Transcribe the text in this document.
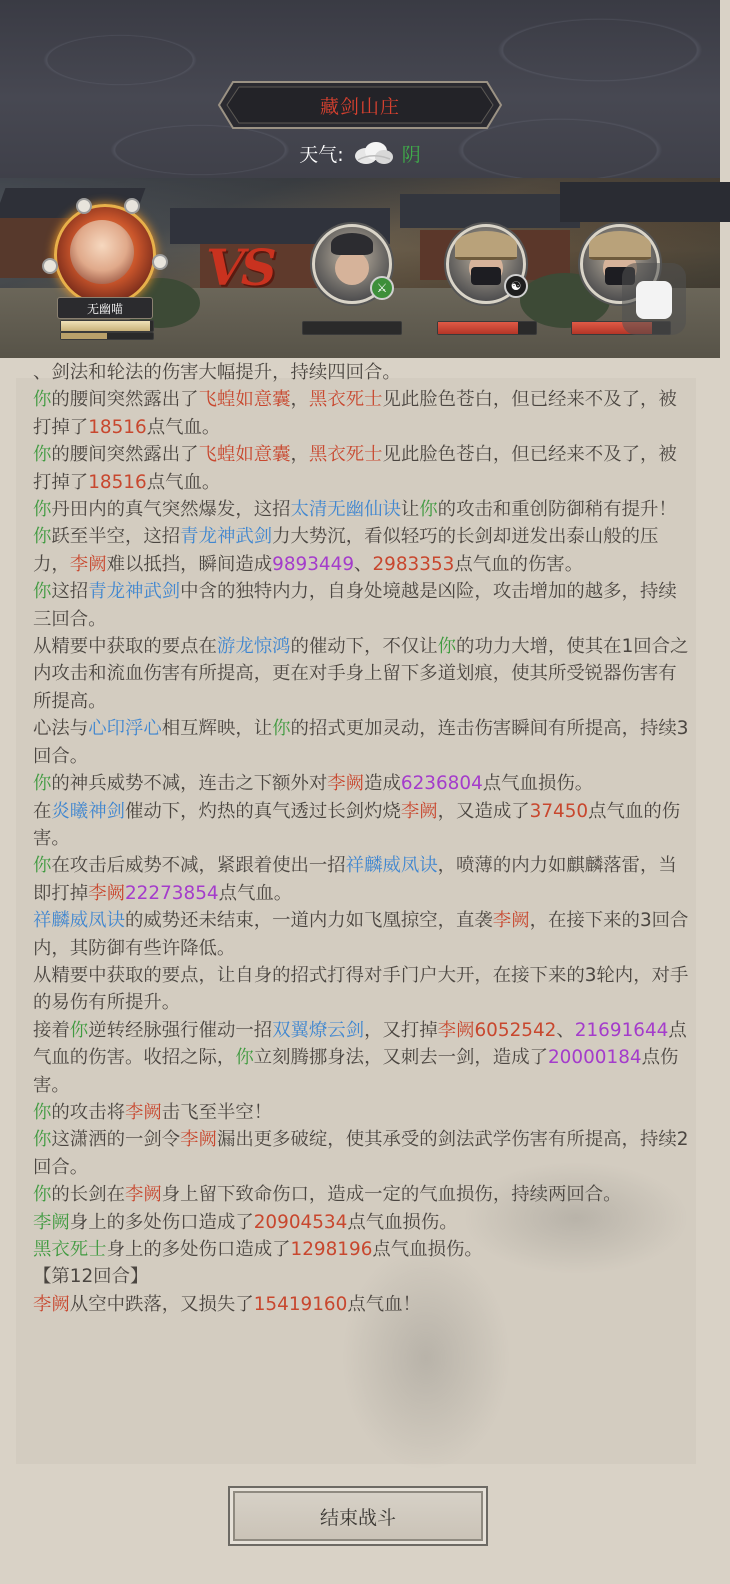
藏剑山庄
天气:	阴
无幽喵
VS	⚔	☯

、剑法和轮法的伤害大幅提升，持续四回合。

你的腰间突然露出了飞蝗如意囊，黑衣死士见此脸色苍白，但已经来不及了，被打掉了18516点气血。

你的腰间突然露出了飞蝗如意囊，黑衣死士见此脸色苍白，但已经来不及了，被打掉了18516点气血。

你丹田内的真气突然爆发，这招太清无幽仙诀让你的攻击和重创防御稍有提升！

你跃至半空，这招青龙神武剑力大势沉，看似轻巧的长剑却迸发出泰山般的压力，李阙难以抵挡，瞬间造成9893449、2983353点气血的伤害。

你这招青龙神武剑中含的独特内力，自身处境越是凶险，攻击增加的越多，持续三回合。

从精要中获取的要点在游龙惊鸿的催动下，不仅让你的功力大增，使其在1回合之内攻击和流血伤害有所提高，更在对手身上留下多道划痕，使其所受锐器伤害有所提高。

心法与心印浮心相互辉映，让你的招式更加灵动，连击伤害瞬间有所提高，持续3回合。

你的神兵威势不减，连击之下额外对李阙造成6236804点气血损伤。

在炎曦神剑催动下，灼热的真气透过长剑灼烧李阙，又造成了37450点气血的伤害。

你在攻击后威势不减，紧跟着使出一招祥麟威凤诀，喷薄的内力如麒麟落雷，当即打掉李阙22273854点气血。

祥麟威凤诀的威势还未结束，一道内力如飞凰掠空，直袭李阙，在接下来的3回合内，其防御有些许降低。

从精要中获取的要点，让自身的招式打得对手门户大开，在接下来的3轮内，对手的易伤有所提升。

接着你逆转经脉强行催动一招双翼燎云剑，又打掉李阙6052542、21691644点气血的伤害。收招之际，你立刻腾挪身法，又刺去一剑，造成了20000184点伤害。

你的攻击将李阙击飞至半空！

你这潇洒的一剑令李阙漏出更多破绽，使其承受的剑法武学伤害有所提高，持续2回合。

你的长剑在李阙身上留下致命伤口，造成一定的气血损伤，持续两回合。

李阙身上的多处伤口造成了20904534点气血损伤。

黑衣死士身上的多处伤口造成了1298196点气血损伤。

【第12回合】

李阙从空中跌落，又损失了15419160点气血！

结束战斗
